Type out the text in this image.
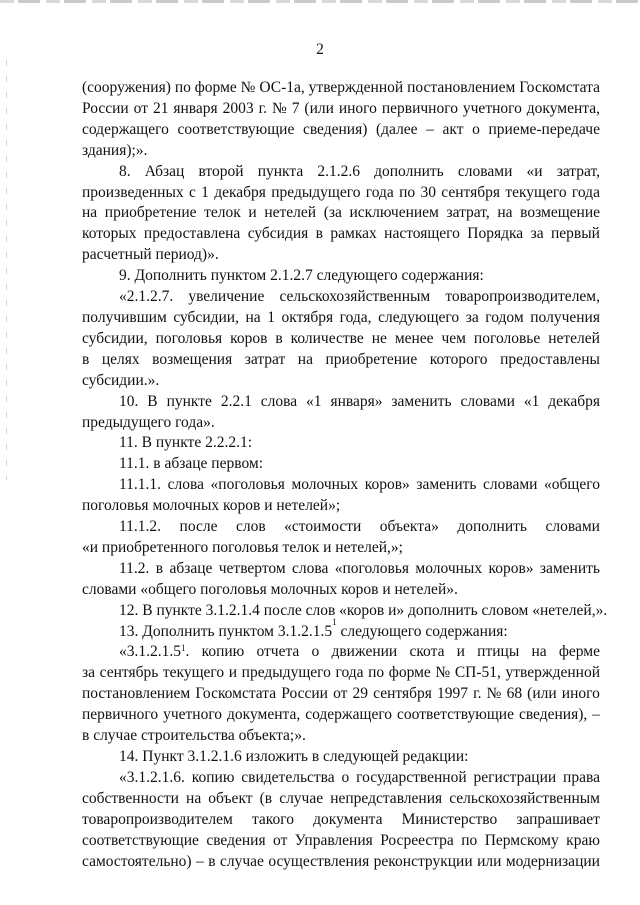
2
(сооружения) по форме № ОС-1а, утвержденной постановлением Госкомстата
России от 21 января 2003 г. № 7 (или иного первичного учетного документа,
содержащего соответствующие сведения) (далее – акт о приеме-передаче
здания);».
8. Абзац второй пункта 2.1.2.6 дополнить словами «и затрат,
произведенных с 1 декабря предыдущего года по 30 сентября текущего года
на приобретение телок и нетелей (за исключением затрат, на возмещение
которых предоставлена субсидия в рамках настоящего Порядка за первый
расчетный период)».
9. Дополнить пунктом 2.1.2.7 следующего содержания:
«2.1.2.7. увеличение сельскохозяйственным товаропроизводителем,
получившим субсидии, на 1 октября года, следующего за годом получения
субсидии, поголовья коров в количестве не менее чем поголовье нетелей
в целях возмещения затрат на приобретение которого предоставлены
субсидии.».
10. В пункте 2.2.1 слова «1 января» заменить словами «1 декабря
предыдущего года».
11. В пункте 2.2.2.1:
11.1. в абзаце первом:
11.1.1. слова «поголовья молочных коров» заменить словами «общего
поголовья молочных коров и нетелей»;
11.1.2. после слов «стоимости объекта» дополнить словами
«и приобретенного поголовья телок и нетелей,»;
11.2. в абзаце четвертом слова «поголовья молочных коров» заменить
словами «общего поголовья молочных коров и нетелей».
12. В пункте 3.1.2.1.4 после слов «коров и» дополнить словом «нетелей,».
13. Дополнить пунктом 3.1.2.1.5
1
следующего содержания:
«3.1.2.1.5$^1$. копию отчета о движении скота и птицы на ферме
за сентябрь текущего и предыдущего года по форме № СП-51, утвержденной
постановлением Госкомстата России от 29 сентября 1997 г. № 68 (или иного
первичного учетного документа, содержащего соответствующие сведения), –
в случае строительства объекта;».
14. Пункт 3.1.2.1.6 изложить в следующей редакции:
«3.1.2.1.6. копию свидетельства о государственной регистрации права
собственности на объект (в случае непредставления сельскохозяйственным
товаропроизводителем такого документа Министерство запрашивает
соответствующие сведения от Управления Росреестра по Пермскому краю
самостоятельно) – в случае осуществления реконструкции или модернизации
